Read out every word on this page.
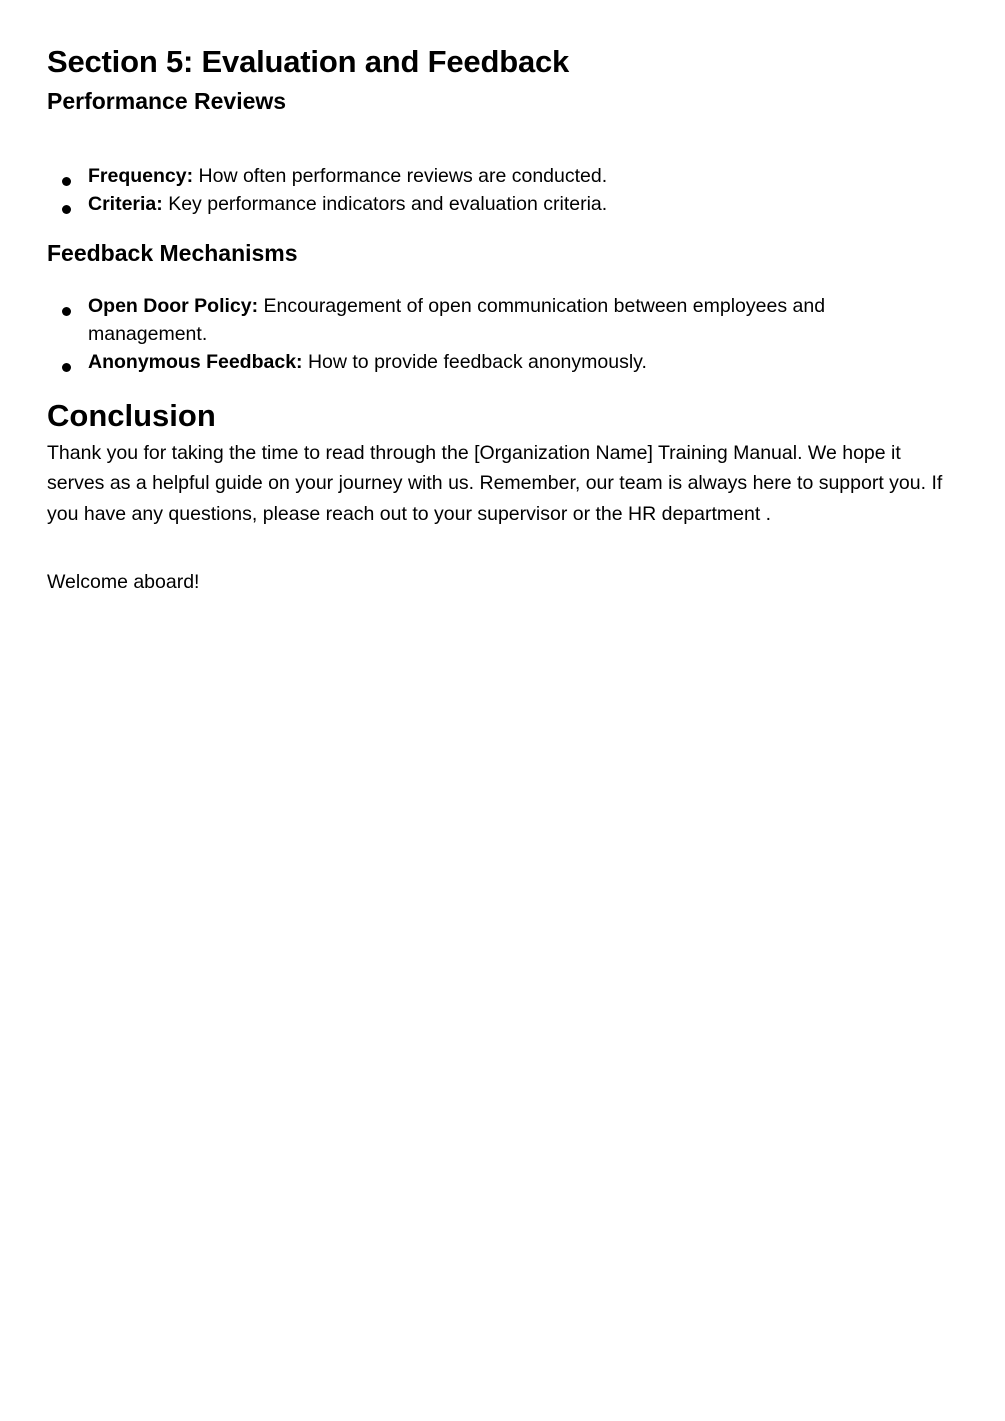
Section 5: Evaluation and Feedback
Performance Reviews
Frequency: How often performance reviews are conducted.
Criteria: Key performance indicators and evaluation criteria.
Feedback Mechanisms
Open Door Policy: Encouragement of open communication between employees and management.
Anonymous Feedback: How to provide feedback anonymously.
Conclusion

Thank you for taking the time to read through the [Organization Name] Training Manual. We hope it serves as a helpful guide on your journey with us. Remember, our team is always here to support you. If you have any questions, please reach out to your supervisor or the HR department .

Welcome aboard!
